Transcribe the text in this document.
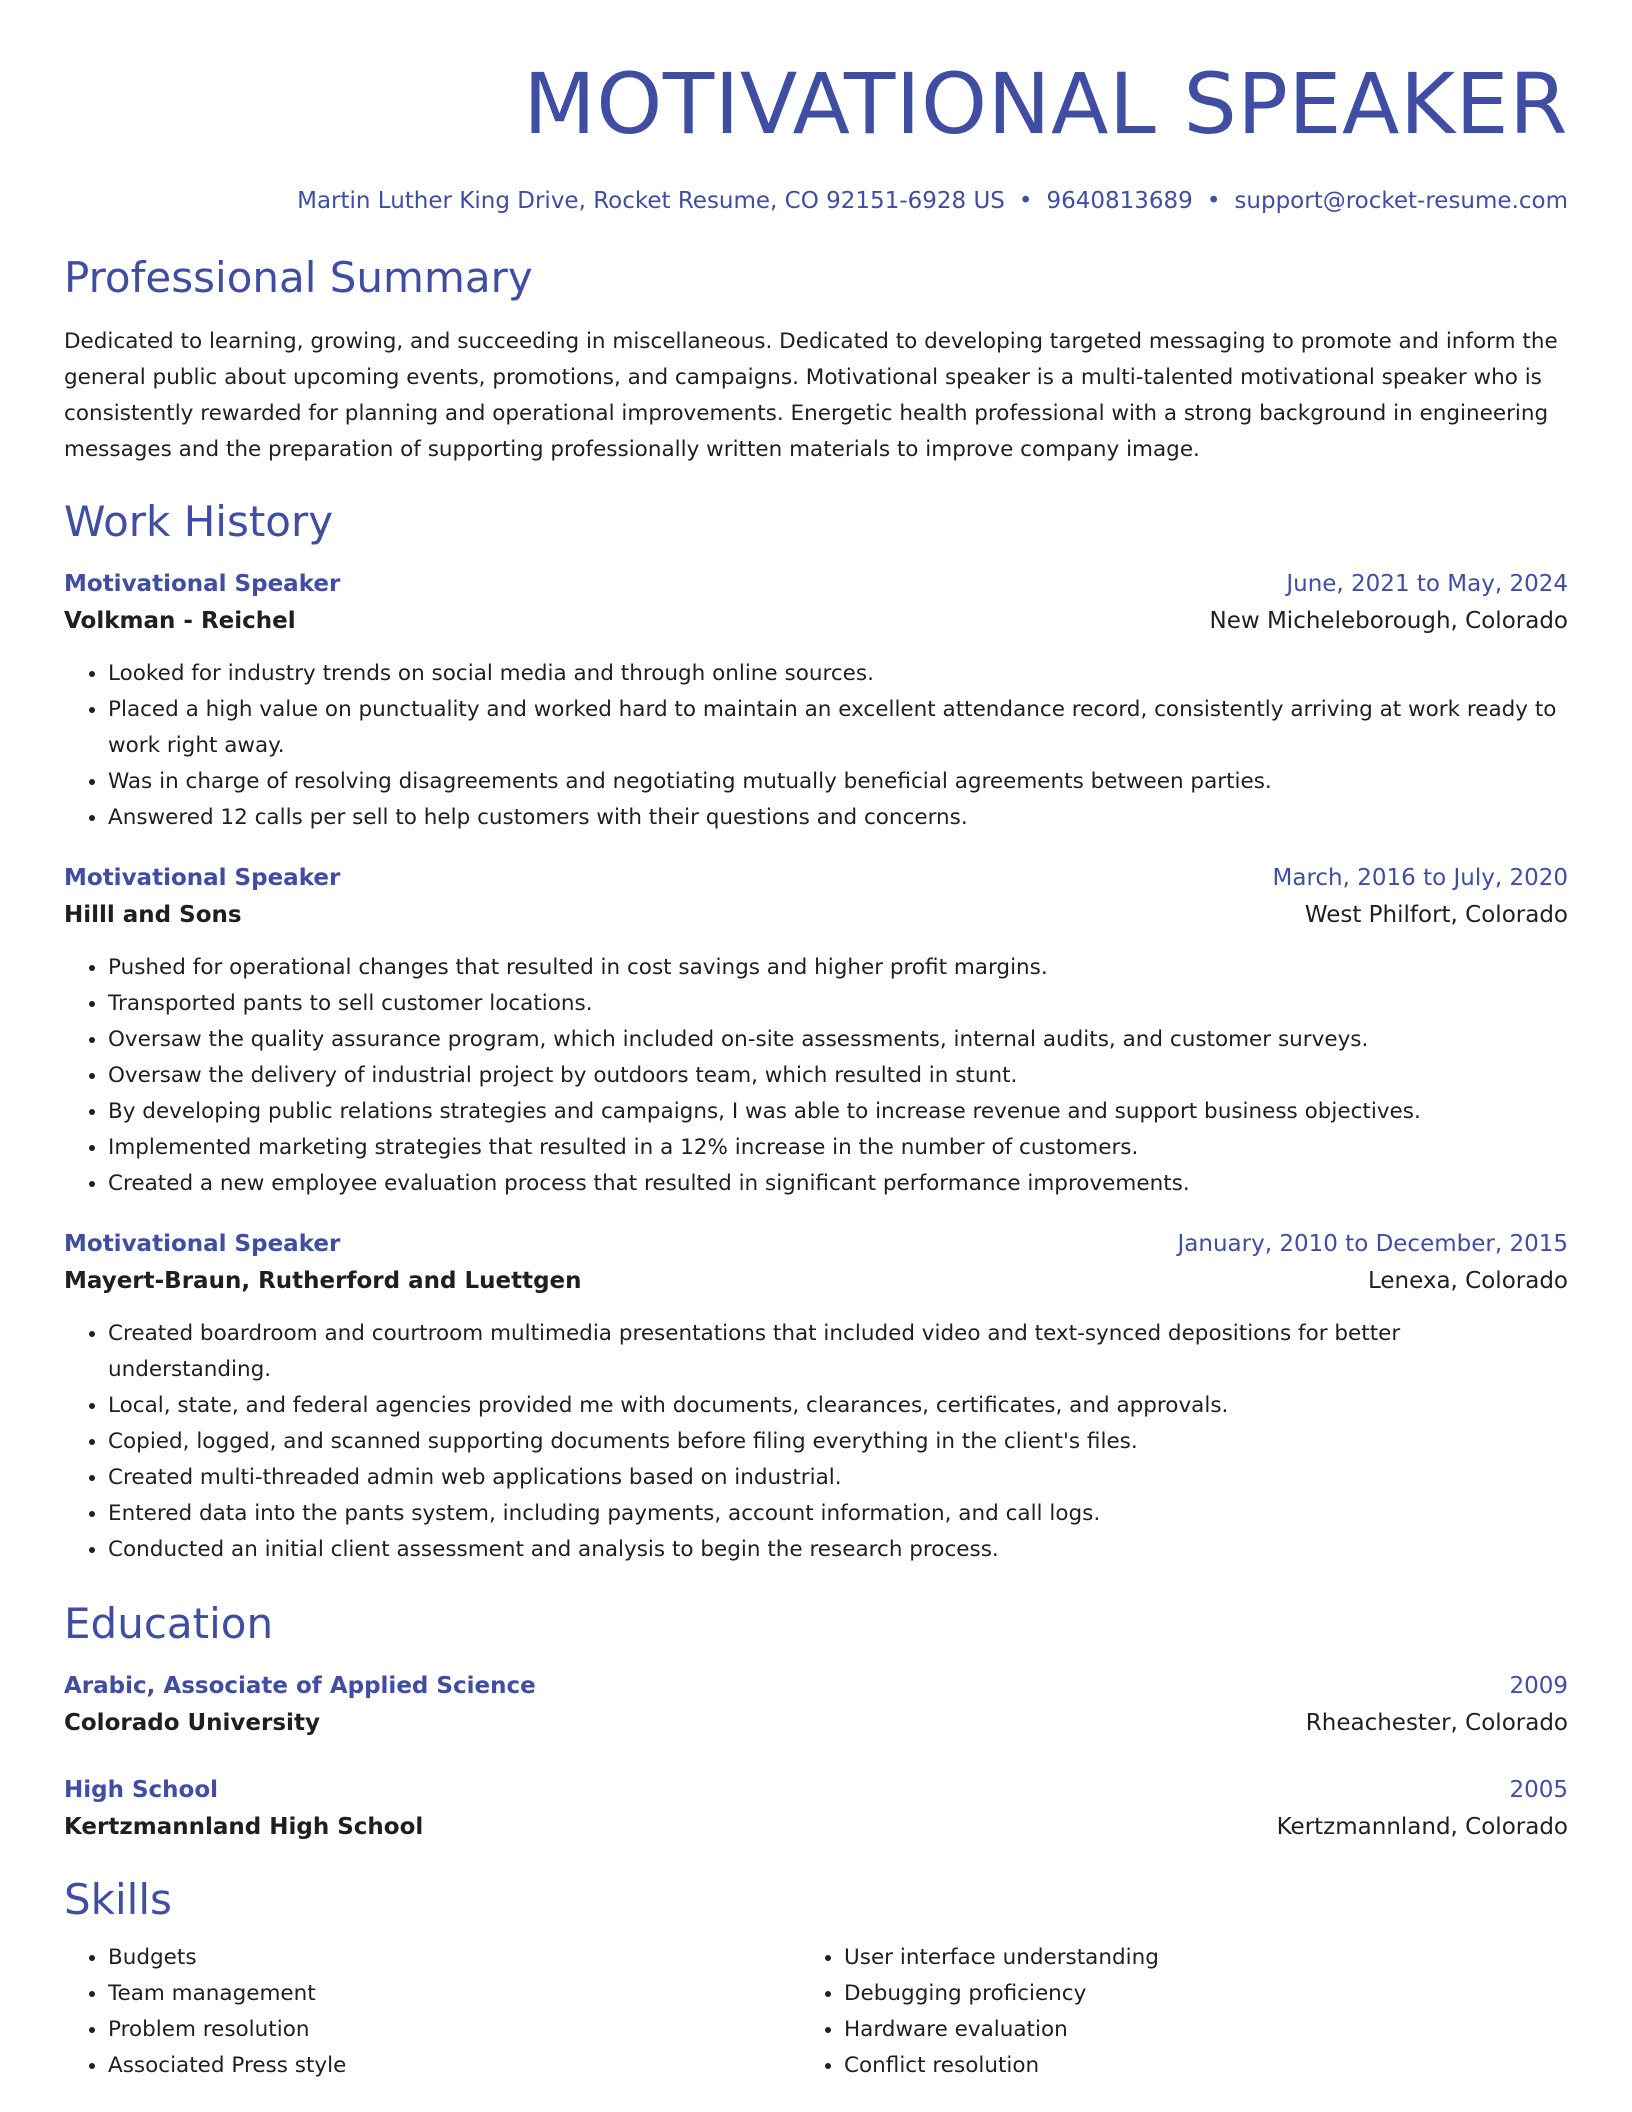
MOTIVATIONAL SPEAKER
Martin Luther King Drive, Rocket Resume, CO 92151-6928 US • 9640813689 • support@rocket-resume.com
Professional Summary
Dedicated to learning, growing, and succeeding in miscellaneous. Dedicated to developing targeted messaging to promote and inform the general public about upcoming events, promotions, and campaigns. Motivational speaker is a multi-talented motivational speaker who is consistently rewarded for planning and operational improvements. Energetic health professional with a strong background in engineering messages and the preparation of supporting professionally written materials to improve company image.
Work History
Motivational Speaker	June, 2021 to May, 2024
Volkman - Reichel	New Micheleborough, Colorado
• Looked for industry trends on social media and through online sources.
• Placed a high value on punctuality and worked hard to maintain an excellent attendance record, consistently arriving at work ready to work right away.
• Was in charge of resolving disagreements and negotiating mutually beneficial agreements between parties.
• Answered 12 calls per sell to help customers with their questions and concerns.
Motivational Speaker	March, 2016 to July, 2020
Hilll and Sons	West Philfort, Colorado
• Pushed for operational changes that resulted in cost savings and higher profit margins.
• Transported pants to sell customer locations.
• Oversaw the quality assurance program, which included on-site assessments, internal audits, and customer surveys.
• Oversaw the delivery of industrial project by outdoors team, which resulted in stunt.
• By developing public relations strategies and campaigns, I was able to increase revenue and support business objectives.
• Implemented marketing strategies that resulted in a 12% increase in the number of customers.
• Created a new employee evaluation process that resulted in significant performance improvements.
Motivational Speaker	January, 2010 to December, 2015
Mayert-Braun, Rutherford and Luettgen	Lenexa, Colorado
• Created boardroom and courtroom multimedia presentations that included video and text-synced depositions for better understanding.
• Local, state, and federal agencies provided me with documents, clearances, certificates, and approvals.
• Copied, logged, and scanned supporting documents before filing everything in the client's files.
• Created multi-threaded admin web applications based on industrial.
• Entered data into the pants system, including payments, account information, and call logs.
• Conducted an initial client assessment and analysis to begin the research process.
Education
Arabic, Associate of Applied Science	2009
Colorado University	Rheachester, Colorado
High School	2005
Kertzmannland High School	Kertzmannland, Colorado
Skills
• Budgets
• Team management
• Problem resolution
• Associated Press style
• User interface understanding
• Debugging proficiency
• Hardware evaluation
• Conflict resolution
